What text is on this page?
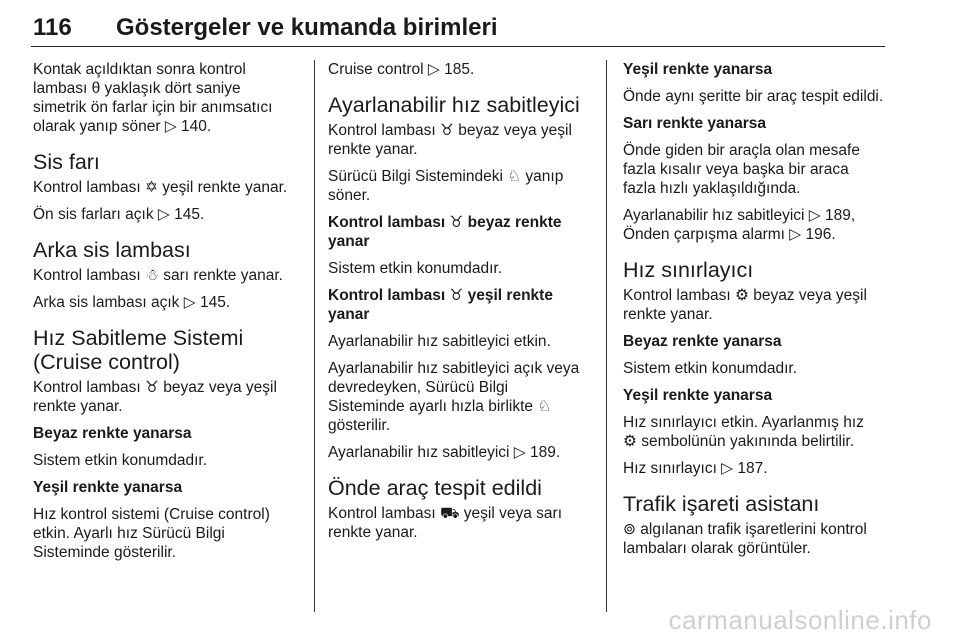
116 Göstergeler ve kumanda birimleri

Kontak açıldıktan sonra kontrol
lambası θ yaklaşık dört saniye
simetrik ön farlar için bir anımsatıcı
olarak yanıp söner ▷ 140.

Sis farı

Kontrol lambası ✡ yeşil renkte yanar.

Ön sis farları açık ▷ 145.

Arka sis lambası

Kontrol lambası ☃ sarı renkte yanar.

Arka sis lambası açık ▷ 145.

Hız Sabitleme Sistemi
(Cruise control)

Kontrol lambası ♉ beyaz veya yeşil
renkte yanar.

Beyaz renkte yanarsa

Sistem etkin konumdadır.

Yeşil renkte yanarsa

Hız kontrol sistemi (Cruise control)
etkin. Ayarlı hız Sürücü Bilgi
Sisteminde gösterilir.

Cruise control ▷ 185.

Ayarlanabilir hız sabitleyici

Kontrol lambası ♉ beyaz veya yeşil
renkte yanar.

Sürücü Bilgi Sistemindeki ♘ yanıp
söner.

Kontrol lambası ♉ beyaz renkte
yanar

Sistem etkin konumdadır.

Kontrol lambası ♉ yeşil renkte
yanar

Ayarlanabilir hız sabitleyici etkin.

Ayarlanabilir hız sabitleyici açık veya
devredeyken, Sürücü Bilgi
Sisteminde ayarlı hızla birlikte ♘
gösterilir.

Ayarlanabilir hız sabitleyici ▷ 189.

Önde araç tespit edildi

Kontrol lambası ⛟ yeşil veya sarı
renkte yanar.

Yeşil renkte yanarsa

Önde aynı şeritte bir araç tespit edildi.

Sarı renkte yanarsa

Önde giden bir araçla olan mesafe
fazla kısalır veya başka bir araca
fazla hızlı yaklaşıldığında.

Ayarlanabilir hız sabitleyici ▷ 189,
Önden çarpışma alarmı ▷ 196.

Hız sınırlayıcı

Kontrol lambası ⚙ beyaz veya yeşil
renkte yanar.

Beyaz renkte yanarsa

Sistem etkin konumdadır.

Yeşil renkte yanarsa

Hız sınırlayıcı etkin. Ayarlanmış hız
⚙ sembolünün yakınında belirtilir.

Hız sınırlayıcı ▷ 187.

Trafik işareti asistanı

⊚ algılanan trafik işaretlerini kontrol
lambaları olarak görüntüler.

carmanualsonline.info
